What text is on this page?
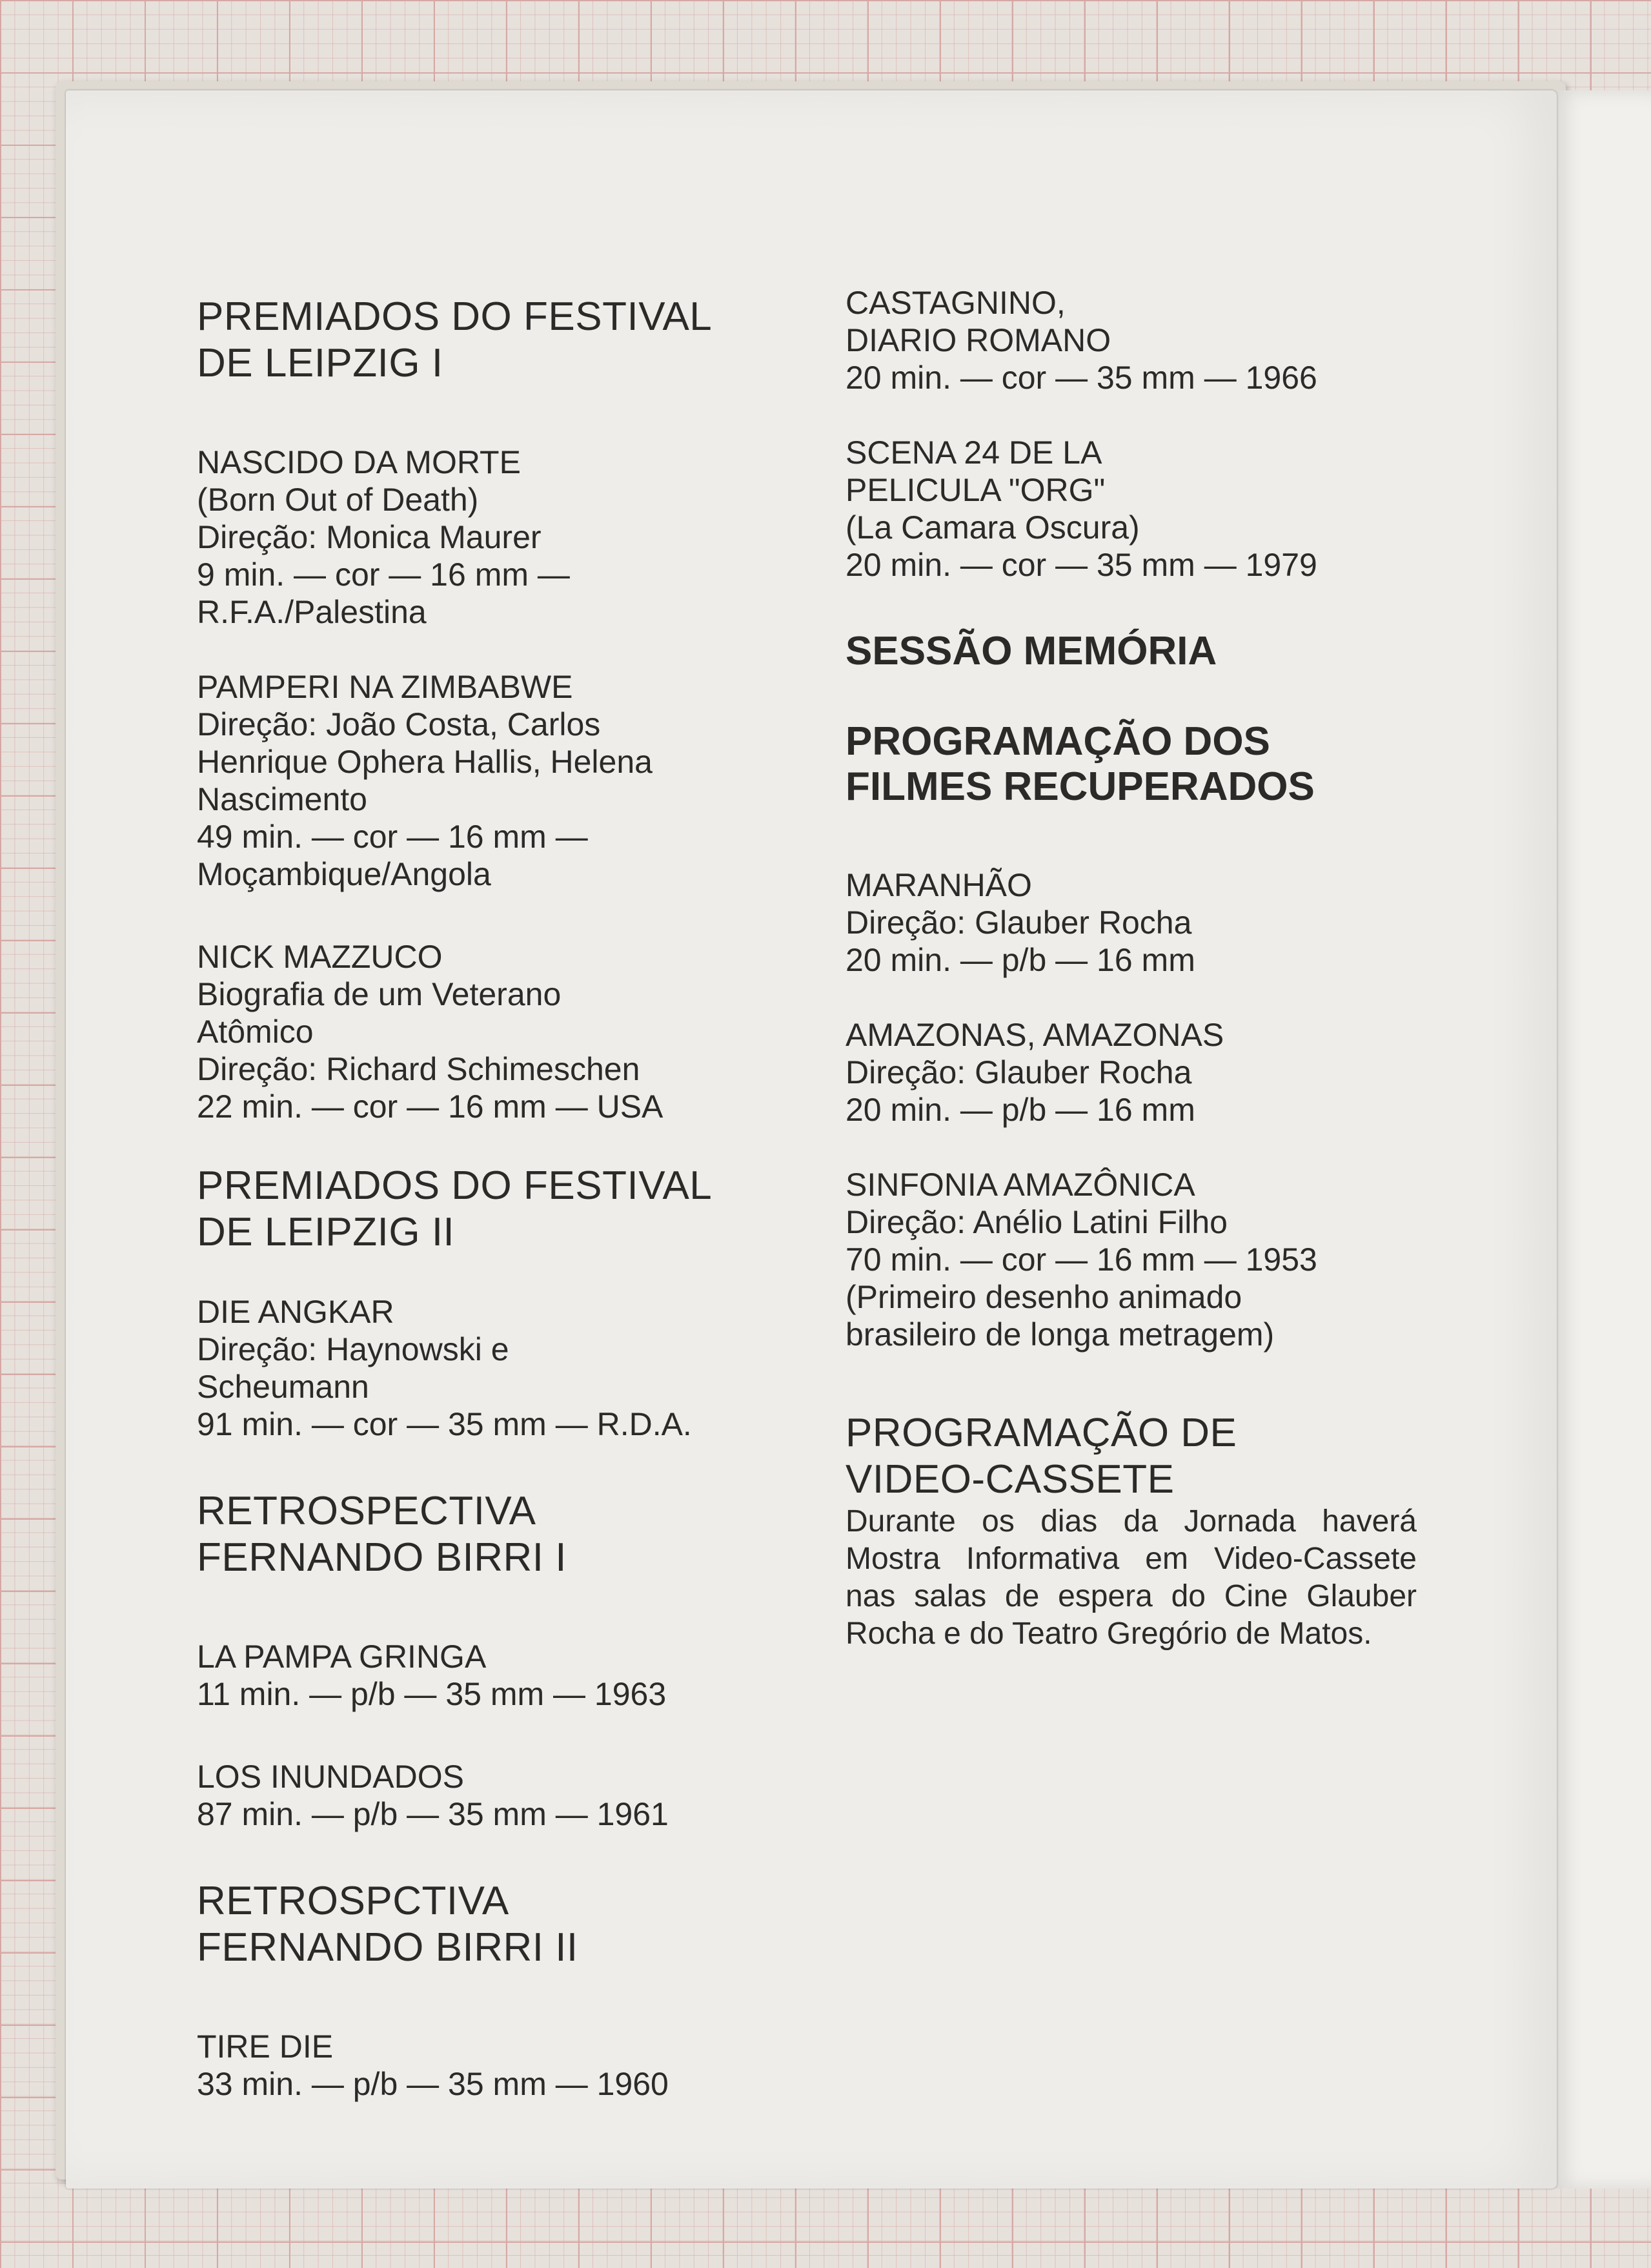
PREMIADOS DO FESTIVAL
DE LEIPZIG I
NASCIDO DA MORTE
(Born Out of Death)
Direção: Monica Maurer
9 min. — cor — 16 mm —
R.F.A./Palestina
PAMPERI NA ZIMBABWE
Direção: João Costa, Carlos
Henrique Ophera Hallis, Helena
Nascimento
49 min. — cor — 16 mm —
Moçambique/Angola
NICK MAZZUCO
Biografia de um Veterano
Atômico
Direção: Richard Schimeschen
22 min. — cor — 16 mm — USA
PREMIADOS DO FESTIVAL
DE LEIPZIG II
DIE ANGKAR
Direção: Haynowski e
Scheumann
91 min. — cor — 35 mm — R.D.A.
RETROSPECTIVA
FERNANDO BIRRI I
LA PAMPA GRINGA
11 min. — p/b — 35 mm — 1963
LOS INUNDADOS
87 min. — p/b — 35 mm — 1961
RETROSPCTIVA
FERNANDO BIRRI II
TIRE DIE
33 min. — p/b — 35 mm — 1960
CASTAGNINO,
DIARIO ROMANO
20 min. — cor — 35 mm — 1966
SCENA 24 DE LA
PELICULA "ORG"
(La Camara Oscura)
20 min. — cor — 35 mm — 1979
SESSÃO MEMÓRIA
PROGRAMAÇÃO DOS
FILMES RECUPERADOS
MARANHÃO
Direção: Glauber Rocha
20 min. — p/b — 16 mm
AMAZONAS, AMAZONAS
Direção: Glauber Rocha
20 min. — p/b — 16 mm
SINFONIA AMAZÔNICA
Direção: Anélio Latini Filho
70 min. — cor — 16 mm — 1953
(Primeiro desenho animado
brasileiro de longa metragem)
PROGRAMAÇÃO DE
VIDEO-CASSETE

Durante os dias da Jornada haverá Mostra Informativa em Video-Cassete nas salas de espera do Cine Glauber Rocha e do Teatro Gregório de Matos.
